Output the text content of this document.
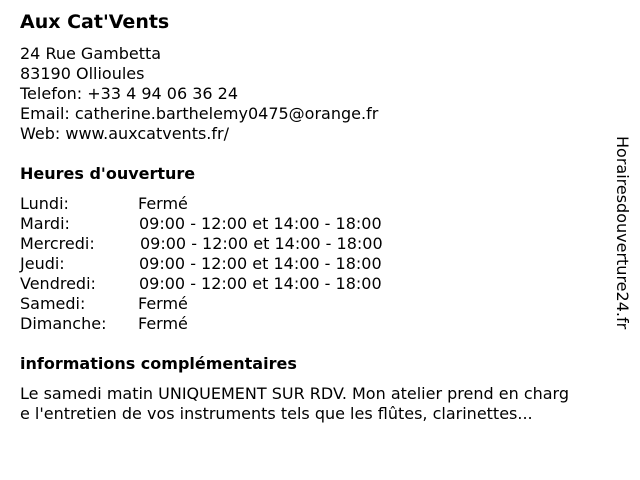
Aux Cat'Vents
24 Rue Gambetta
83190 Ollioules
Telefon: +33 4 94 06 36 24
Email: catherine.barthelemy0475@orange.fr
Web: www.auxcatvents.fr/
Heures d'ouverture
Lundi:	Fermé
Mardi:	09:00 - 12:00 et 14:00 - 18:00
Mercredi:	09:00 - 12:00 et 14:00 - 18:00
Jeudi:	09:00 - 12:00 et 14:00 - 18:00
Vendredi:	09:00 - 12:00 et 14:00 - 18:00
Samedi:	Fermé
Dimanche: Fermé
informations complémentaires
Le samedi matin UNIQUEMENT SUR RDV. Mon atelier prend en charg
e l'entretien de vos instruments tels que les flûtes, clarinettes...
Horairesdouverture24.fr
